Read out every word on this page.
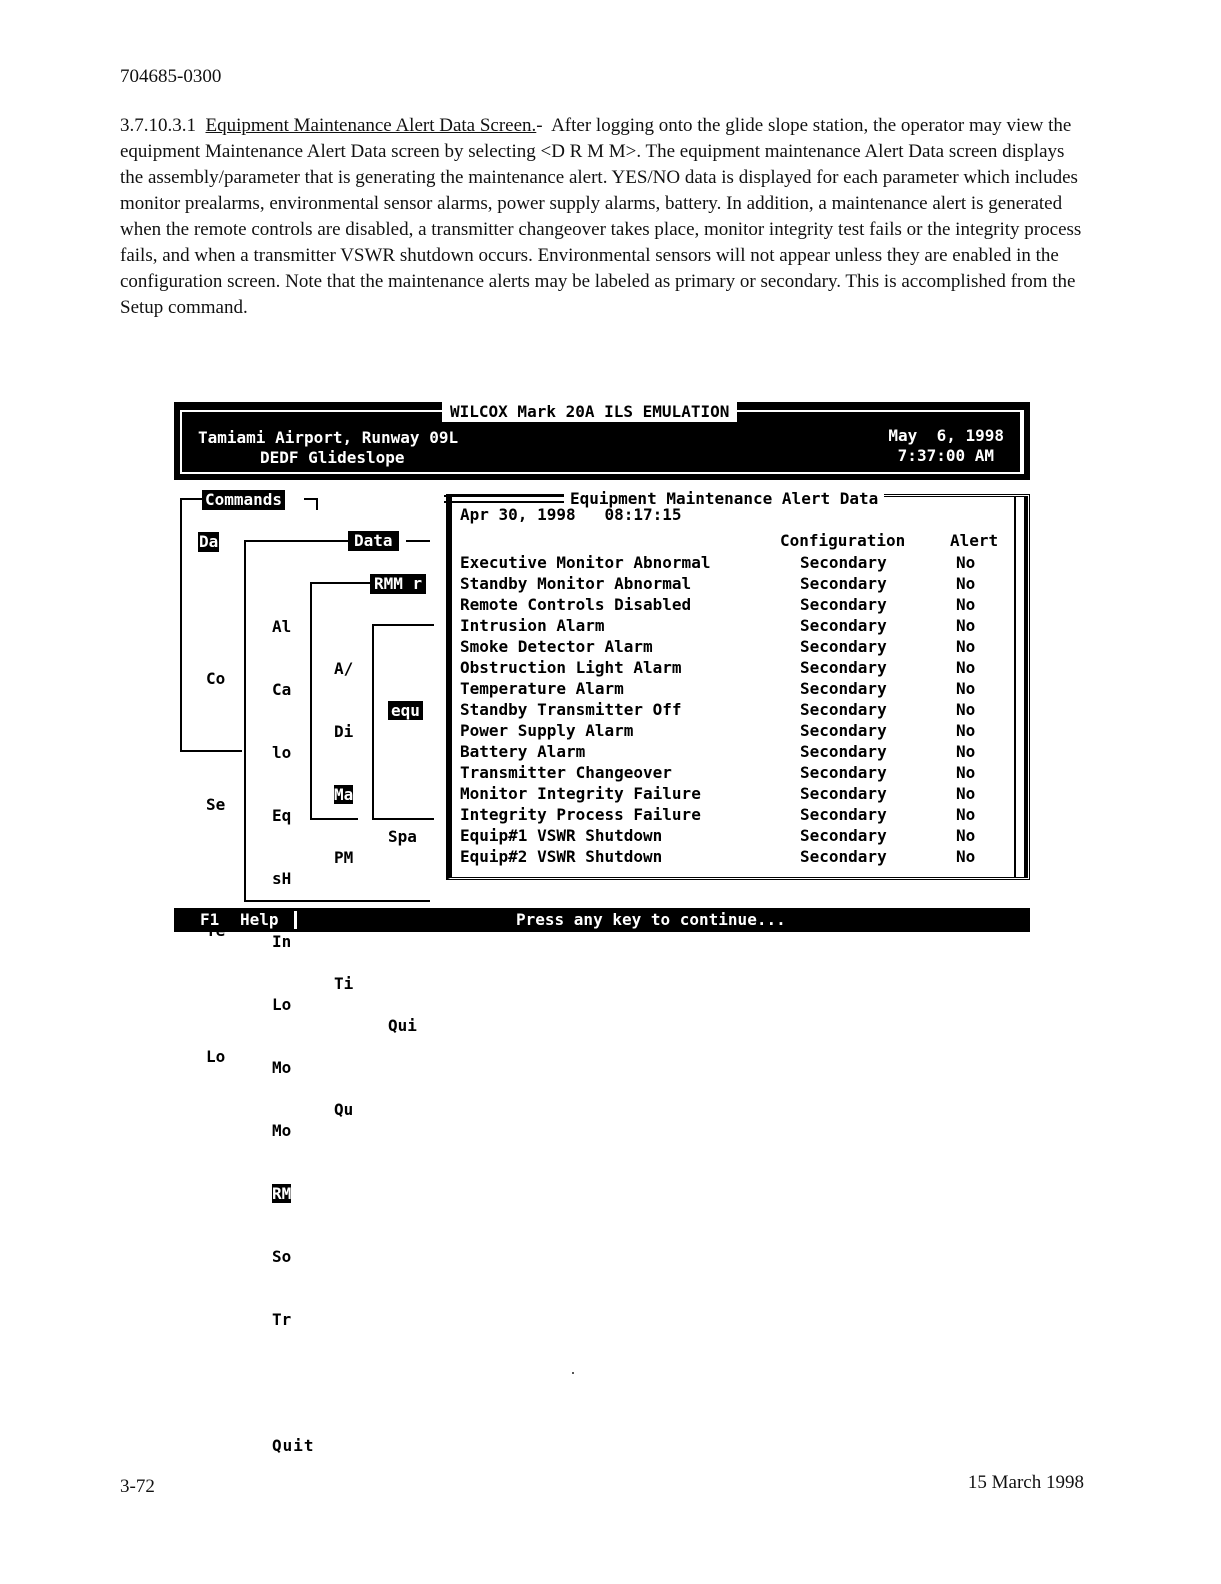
704685-0300
3.7.10.3.1 Equipment Maintenance Alert Data Screen.- After logging onto the glide slope station, the operator may view the equipment Maintenance Alert Data screen by selecting <D R M M>. The equipment maintenance Alert Data screen displays the assembly/parameter that is generating the maintenance alert. YES/NO data is displayed for each parameter which includes monitor prealarms, environmental sensor alarms, power supply alarms, battery. In addition, a maintenance alert is generated when the remote controls are disabled, a transmitter changeover takes place, monitor integrity test fails or the integrity process fails, and when a transmitter VSWR shutdown occurs. Environmental sensors will not appear unless they are enabled in the configuration screen. Note that the maintenance alerts may be labeled as primary or secondary. This is accomplished from the Setup command.
Tamiami Airport, Runway 09L
DEDF Glideslope
May  6, 1998
7:37:00 AM
WILCOX Mark 20A ILS EMULATION
Commands
Da

Co

Se

Lo

Data

Al

Ca

lo

Eq

sH

In

Lo

Mo

Mo

RM

So

Tr

Quit

RMM r

A/

Di

Ma

PM

Ti

Qu

equ

Spa

Qui

Equipment Maintenance Alert Data
Apr 30, 1998   08:17:15
Configuration	Alert
Executive Monitor Abnormal	Secondary	No
Standby Monitor Abnormal	Secondary	No
Remote Controls Disabled	Secondary	No
Intrusion Alarm	Secondary	No
Smoke Detector Alarm	Secondary	No
Obstruction Light Alarm	Secondary	No
Temperature Alarm	Secondary	No
Standby Transmitter Off	Secondary	No
Power Supply Alarm	Secondary	No
Battery Alarm	Secondary	No
Transmitter Changeover	Secondary	No
Monitor Integrity Failure	Secondary	No
Integrity Process Failure	Secondary	No
Equip#1 VSWR Shutdown	Secondary	No
Equip#2 VSWR Shutdown	Secondary	No
F1 Help	Press any key to continue...
3-72	15 March 1998
